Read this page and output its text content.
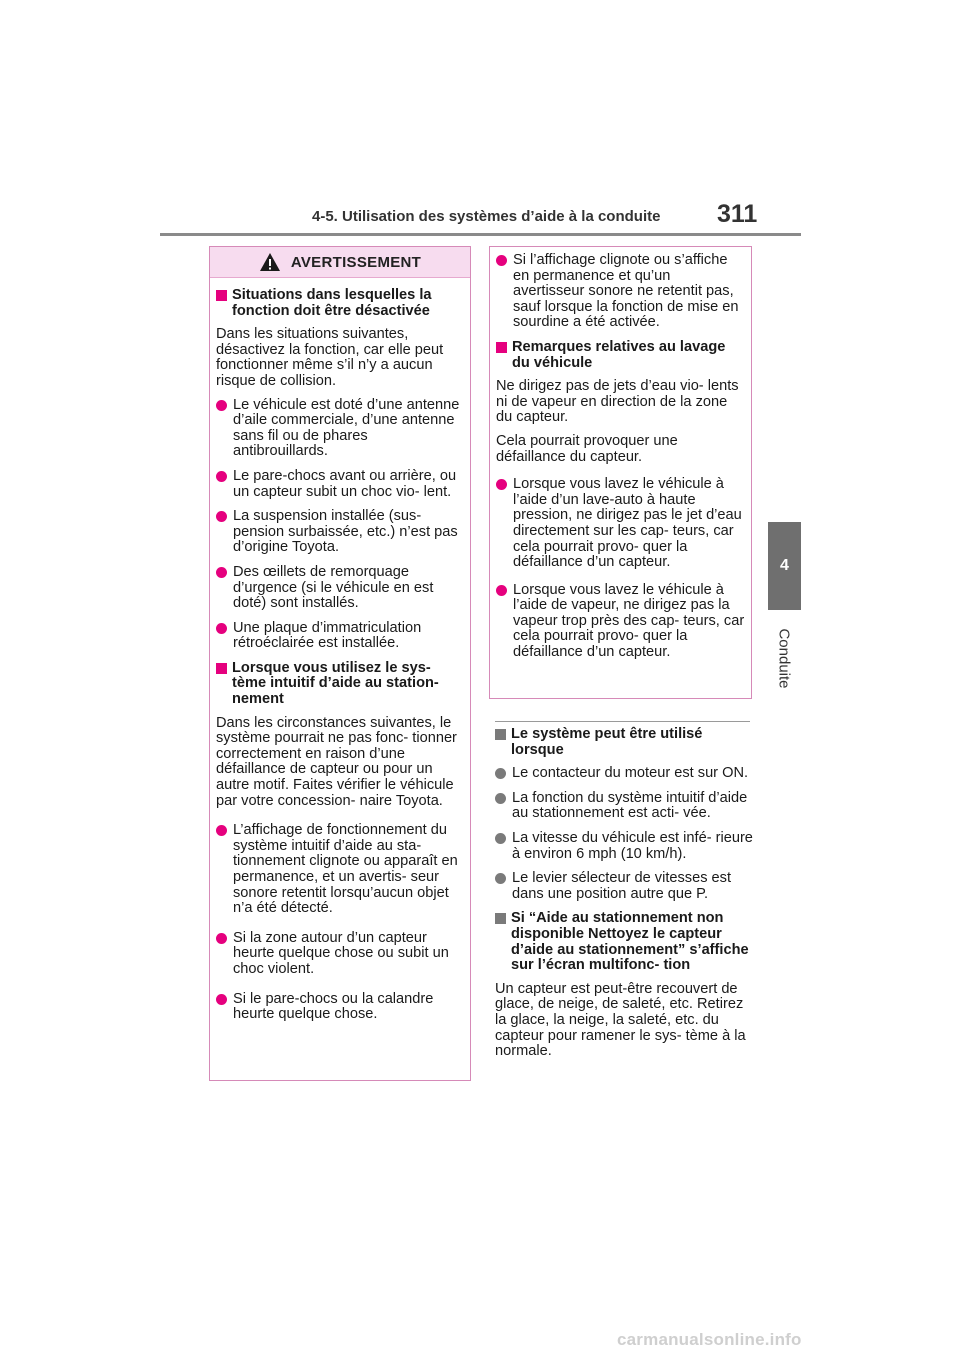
4-5. Utilisation des systèmes d’aide à la conduite 311
4
Conduite
AVERTISSEMENT
Situations dans lesquelles la fonction doit être désactivée
Dans les situations suivantes, désactivez la fonction, car elle peut fonctionner même s’il n’y a aucun risque de collision.
Le véhicule est doté d’une antenne d’aile commerciale, d’une antenne sans fil ou de phares antibrouillards.
Le pare-chocs avant ou arrière, ou un capteur subit un choc vio- lent.
La suspension installée (sus- pension surbaissée, etc.) n’est pas d’origine Toyota.
Des œillets de remorquage d’urgence (si le véhicule en est doté) sont installés.
Une plaque d’immatriculation rétroéclairée est installée.
Lorsque vous utilisez le sys- tème intuitif d’aide au station- nement
Dans les circonstances suivantes, le système pourrait ne pas fonc- tionner correctement en raison d’une défaillance de capteur ou pour un autre motif. Faites vérifier le véhicule par votre concession- naire Toyota.
L’affichage de fonctionnement du système intuitif d’aide au sta- tionnement clignote ou apparaît en permanence, et un avertis- seur sonore retentit lorsqu’aucun objet n’a été détecté.
Si la zone autour d’un capteur heurte quelque chose ou subit un choc violent.
Si le pare-chocs ou la calandre heurte quelque chose.
Si l’affichage clignote ou s’affiche en permanence et qu’un avertisseur sonore ne retentit pas, sauf lorsque la fonction de mise en sourdine a été activée.
Remarques relatives au lavage du véhicule
Ne dirigez pas de jets d’eau vio- lents ni de vapeur en direction de la zone du capteur.
Cela pourrait provoquer une défaillance du capteur.
Lorsque vous lavez le véhicule à l’aide d’un lave-auto à haute pression, ne dirigez pas le jet d’eau directement sur les cap- teurs, car cela pourrait provo- quer la défaillance d’un capteur.
Lorsque vous lavez le véhicule à l’aide de vapeur, ne dirigez pas la vapeur trop près des cap- teurs, car cela pourrait provo- quer la défaillance d’un capteur.
Le système peut être utilisé lorsque
Le contacteur du moteur est sur ON.
La fonction du système intuitif d’aide au stationnement est acti- vée.
La vitesse du véhicule est infé- rieure à environ 6 mph (10 km/h).
Le levier sélecteur de vitesses est dans une position autre que P.
Si “Aide au stationnement non disponible Nettoyez le capteur d’aide au stationnement” s’affiche sur l’écran multifonc- tion
Un capteur est peut-être recouvert de glace, de neige, de saleté, etc. Retirez la glace, la neige, la saleté, etc. du capteur pour ramener le sys- tème à la normale.
carmanualsonline.info
